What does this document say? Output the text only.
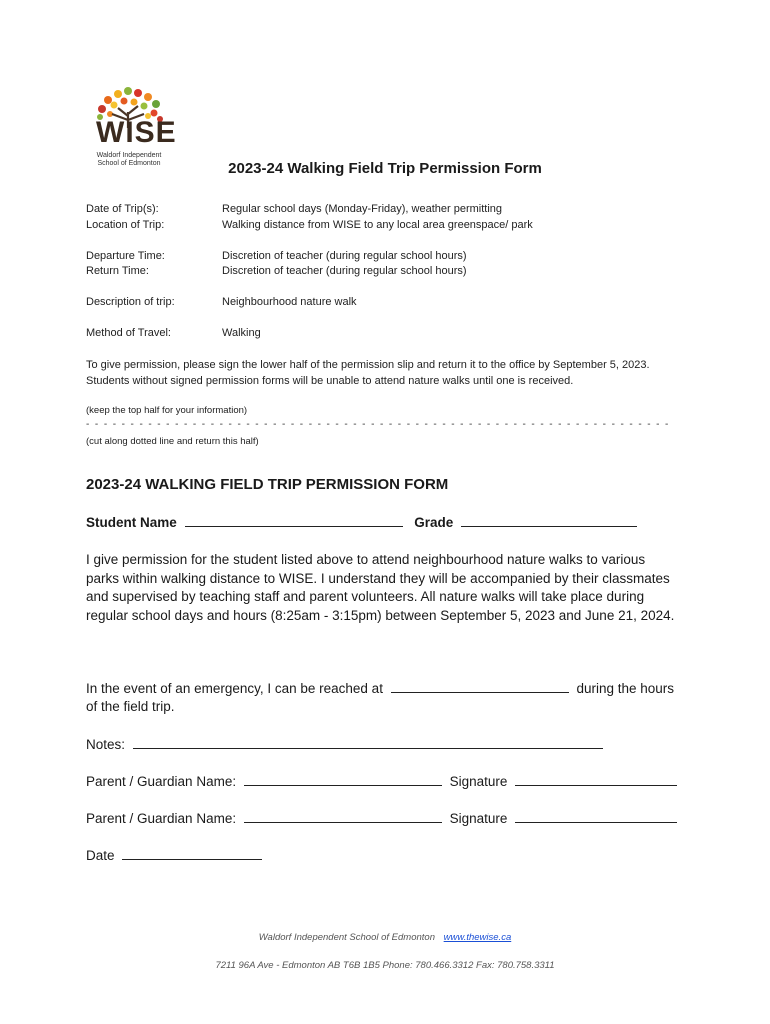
WISE
Waldorf Independent
School of Edmonton	2023-24 Walking Field Trip Permission Form
Date of Trip(s):	Regular school days (Monday-Friday), weather permitting
Location of Trip:	Walking distance from WISE to any local area greenspace/ park
Departure Time:	Discretion of teacher (during regular school hours)
Return Time:	Discretion of teacher (during regular school hours)
Description of trip:	Neighbourhood nature walk
Method of Travel:	Walking
To give permission, please sign the lower half of the permission slip and return it to the office by September 5, 2023. Students without signed permission forms will be unable to attend nature walks until one is received.
(keep the top half for your information)
- - - - - - - - - - - - - - - - - - - - - - - - - - - - - - - - - - - - - - - - - - - - - - - - - - - - - - - - - - - - - - - - - -
(cut along dotted line and return this half)
2023-24 WALKING FIELD TRIP PERMISSION FORM
Student Name	Grade
I give permission for the student listed above to attend neighbourhood nature walks to various parks within walking distance to WISE. I understand they will be accompanied by their classmates and supervised by teaching staff and parent volunteers. All nature walks will take place during regular school days and hours (8:25am - 3:15pm) between September 5, 2023 and June 21, 2024.
In the event of an emergency, I can be reached at	during the hours
of the field trip.
Notes:
Parent / Guardian Name:	Signature
Parent / Guardian Name:	Signature
Date
Waldorf Independent School of Edmonton www.thewise.ca
7211 96A Ave - Edmonton AB T6B 1B5 Phone: 780.466.3312 Fax: 780.758.3311
